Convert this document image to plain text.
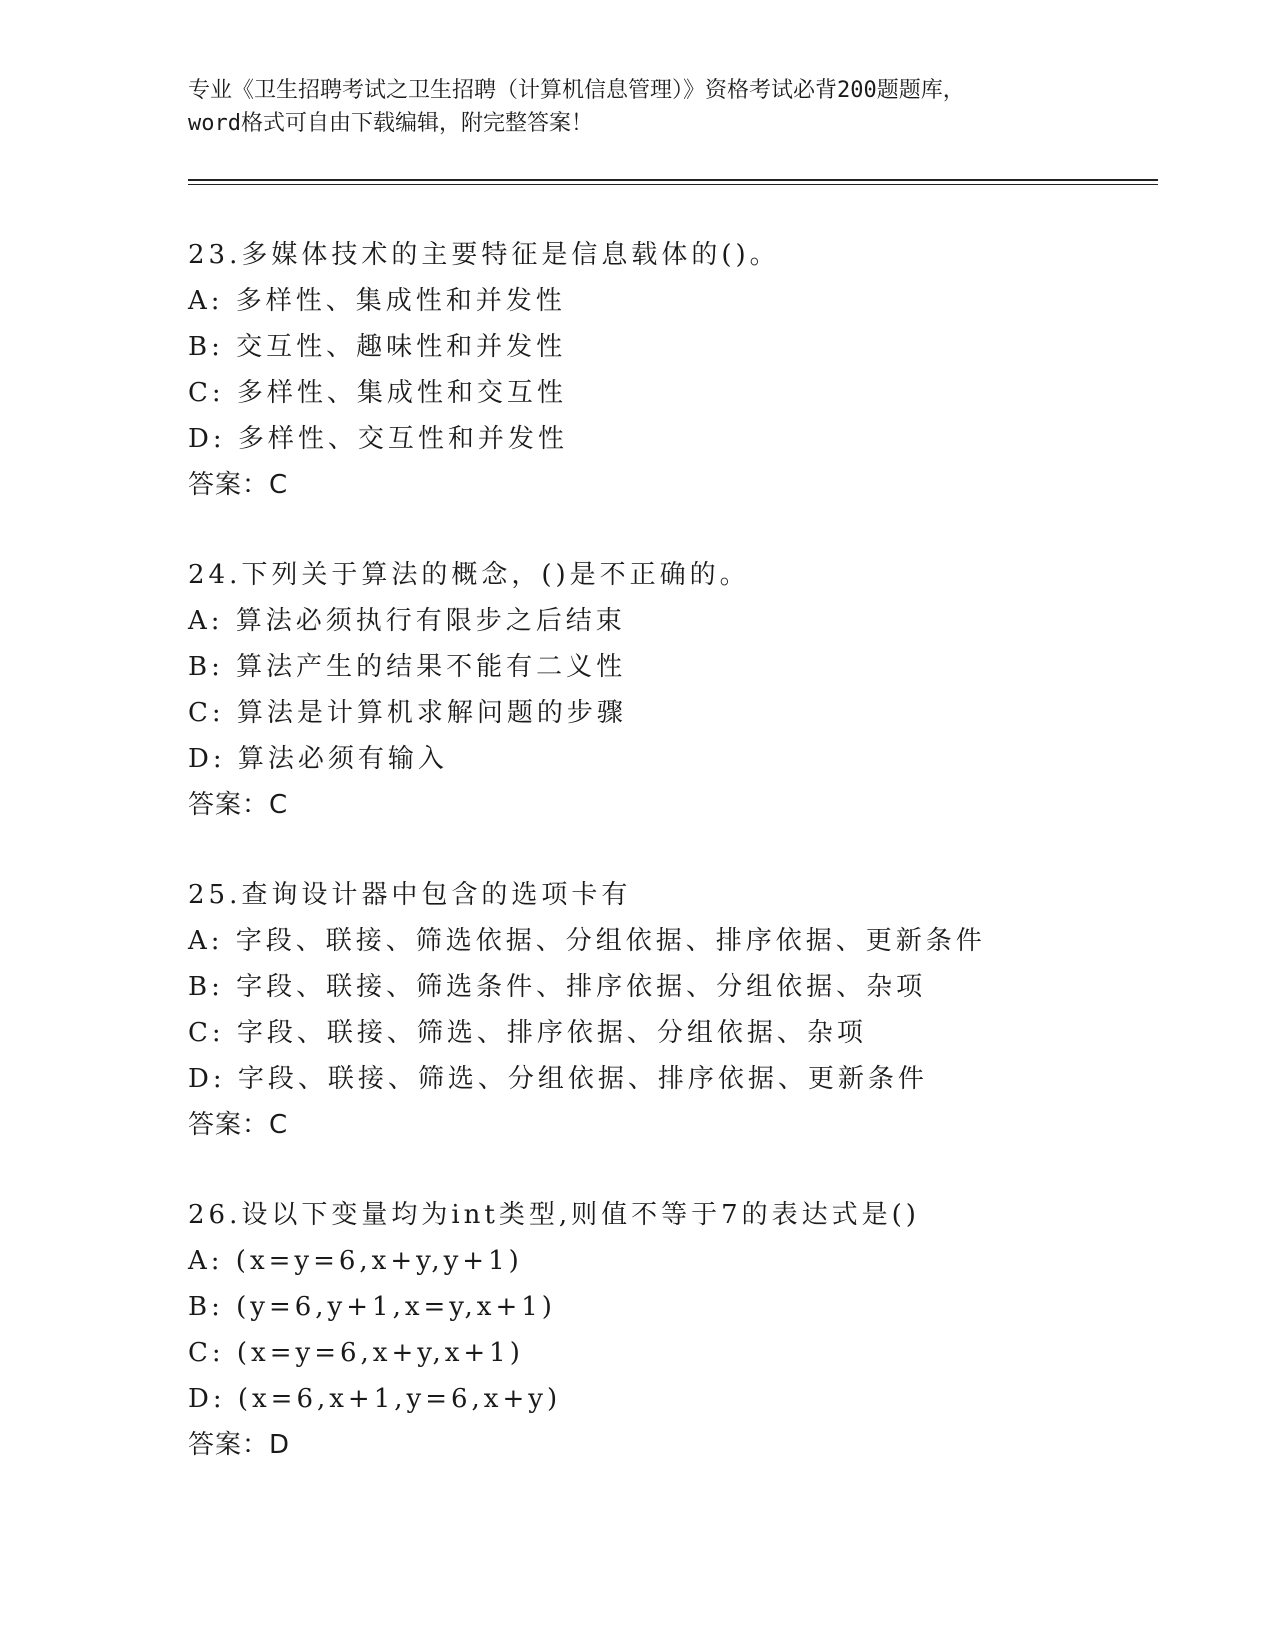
专业《卫生招聘考试之卫生招聘（计算机信息管理）》资格考试必背200题题库，
word格式可自由下载编辑，附完整答案！
23.多媒体技术的主要特征是信息载体的()。
A: 多样性、集成性和并发性
B: 交互性、趣味性和并发性
C: 多样性、集成性和交互性
D: 多样性、交互性和并发性
答案：C
24.下列关于算法的概念，()是不正确的。
A: 算法必须执行有限步之后结束
B: 算法产生的结果不能有二义性
C: 算法是计算机求解问题的步骤
D: 算法必须有输入
答案：C
25.查询设计器中包含的选项卡有
A: 字段、联接、筛选依据、分组依据、排序依据、更新条件
B: 字段、联接、筛选条件、排序依据、分组依据、杂项
C: 字段、联接、筛选、排序依据、分组依据、杂项
D: 字段、联接、筛选、分组依据、排序依据、更新条件
答案：C
26.设以下变量均为int类型,则值不等于7的表达式是()
A: (x=y=6,x+y,y+1)
B: (y=6,y+1,x=y,x+1)
C: (x=y=6,x+y,x+1)
D: (x=6,x+1,y=6,x+y)
答案：D
